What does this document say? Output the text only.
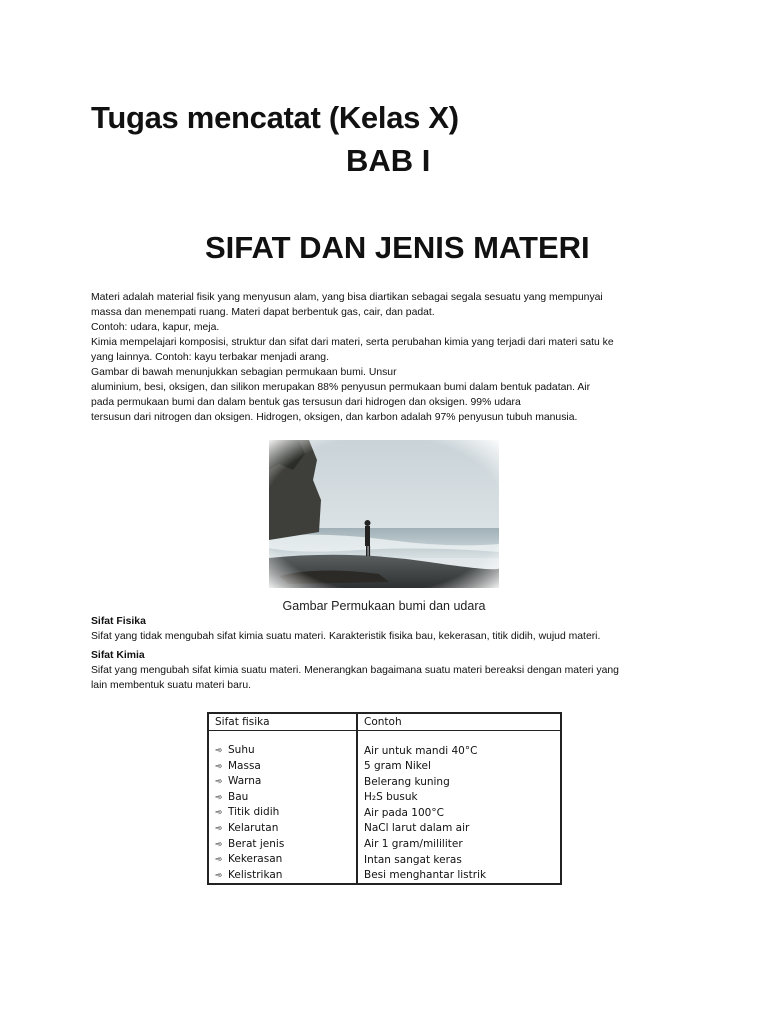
Tugas mencatat (Kelas X)
BAB I
SIFAT DAN JENIS MATERI

Materi adalah material fisik yang menyusun alam, yang bisa diartikan sebagai segala sesuatu yang mempunyai

massa dan menempati ruang. Materi dapat berbentuk gas, cair, dan padat.

Contoh: udara, kapur, meja.

Kimia mempelajari komposisi, struktur dan sifat dari materi, serta perubahan kimia yang terjadi dari materi satu ke

yang lainnya. Contoh: kayu terbakar menjadi arang.

Gambar di bawah menunjukkan sebagian permukaan bumi. Unsur

aluminium, besi, oksigen, dan silikon merupakan 88% penyusun permukaan bumi dalam bentuk padatan. Air

pada permukaan bumi dan dalam bentuk gas tersusun dari hidrogen dan oksigen. 99% udara

tersusun dari nitrogen dan oksigen. Hidrogen, oksigen, dan karbon adalah 97% penyusun tubuh manusia.

Gambar Permukaan bumi dan udara

Sifat Fisika

Sifat yang tidak mengubah sifat kimia suatu materi. Karakteristik fisika bau, kekerasan, titik didih, wujud materi.

Sifat Kimia

Sifat yang mengubah sifat kimia suatu materi. Menerangkan bagaimana suatu materi bereaksi dengan materi yang

lain membentuk suatu materi baru.

Sifat fisika	Contoh

➾ Suhu	Air untuk mandi 40°C
➾ Massa	5 gram Nikel
➾ Warna	Belerang kuning
➾ Bau	H₂S busuk
➾ Titik didih	Air pada 100°C
➾ Kelarutan	NaCl larut dalam air
➾ Berat jenis	Air 1 gram/mililiter
➾ Kekerasan	Intan sangat keras
➾ Kelistrikan	Besi menghantar listrik
